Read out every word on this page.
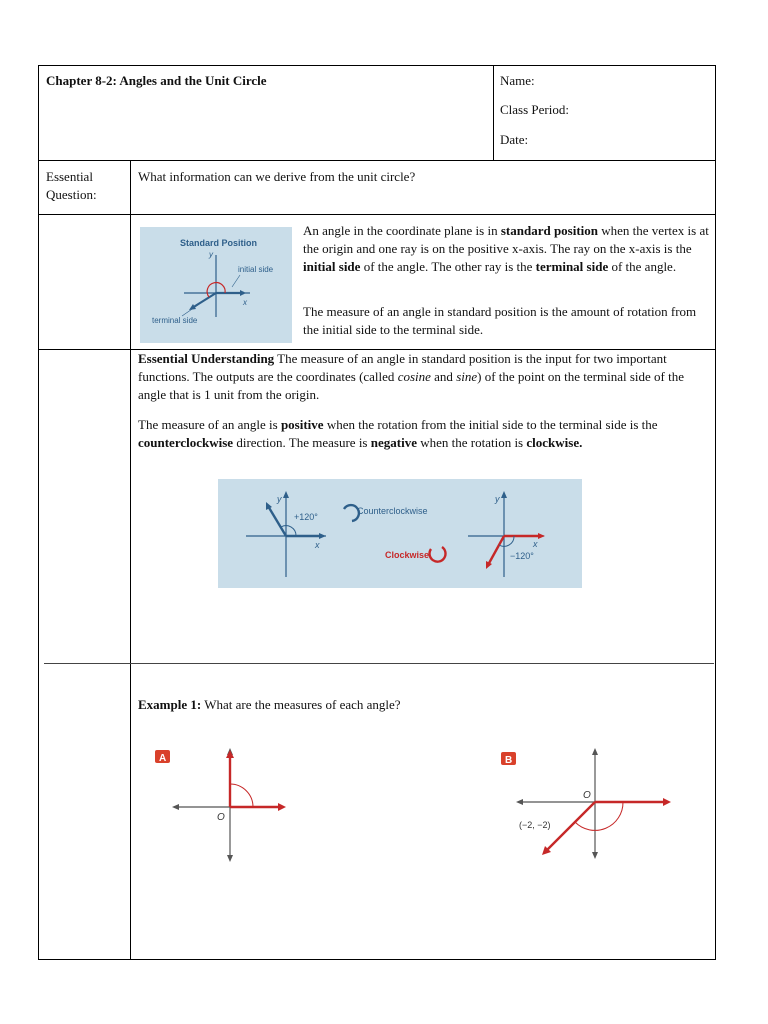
Chapter 8-2: Angles and the Unit Circle	Name:
Class Period:
Date:
Essential
Question:
What information can we derive from the unit circle?
Standard Position
y
x
initial side
terminal side
An angle in the coordinate plane is in standard position when the vertex is at the origin and one ray is on the positive x-axis. The ray on the x-axis is the initial side of the angle. The other ray is the terminal side of the angle.
The measure of an angle in standard position is the amount of rotation from the initial side to the terminal side.
Essential Understanding The measure of an angle in standard position is the input for two important functions. The outputs are the coordinates (called cosine and sine) of the point on the terminal side of the angle that is 1 unit from the origin.
The measure of an angle is positive when the rotation from the initial side to the terminal side is the counterclockwise direction. The measure is negative when the rotation is clockwise.
y
x
+120°
Counterclockwise
y
x
−120°
Clockwise
Example 1: What are the measures of each angle?
A
O
B
O
(−2, −2)
